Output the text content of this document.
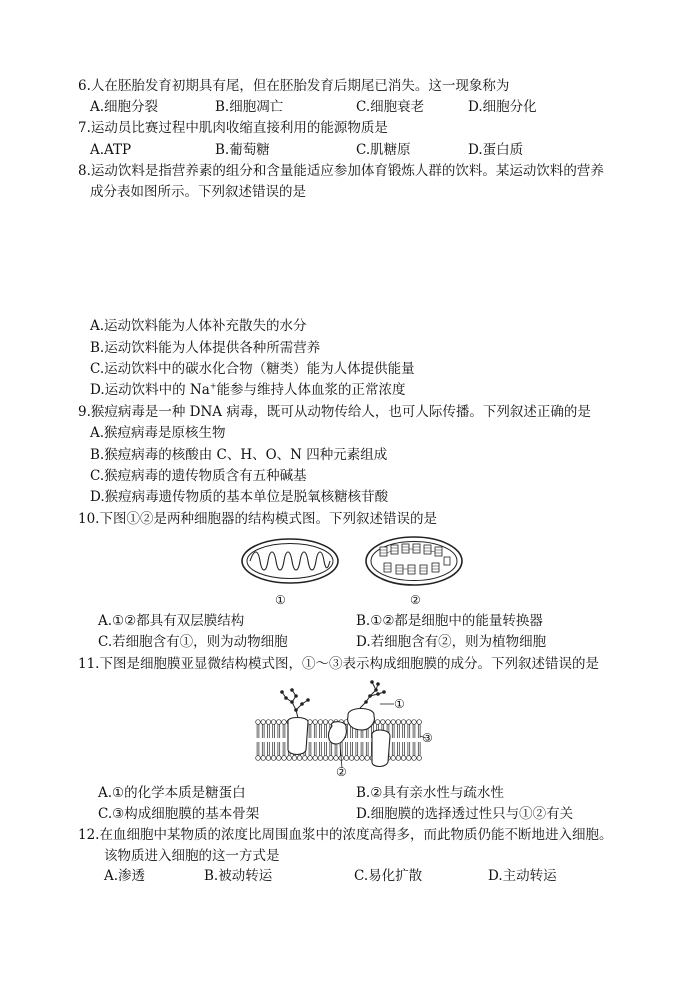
6.人在胚胎发育初期具有尾，但在胚胎发育后期尾已消失。这一现象称为
A.细胞分裂	B.细胞凋亡	C.细胞衰老	D.细胞分化
7.运动员比赛过程中肌肉收缩直接利用的能源物质是
A.ATP	B.葡萄糖	C.肌糖原	D.蛋白质
8.运动饮料是指营养素的组分和含量能适应参加体育锻炼人群的饮料。某运动饮料的营养
成分表如图所示。下列叙述错误的是
A.运动饮料能为人体补充散失的水分
B.运动饮料能为人体提供各种所需营养
C.运动饮料中的碳水化合物（糖类）能为人体提供能量
D.运动饮料中的 Na+能参与维持人体血浆的正常浓度
9.猴痘病毒是一种 DNA 病毒，既可从动物传给人，也可人际传播。下列叙述正确的是
A.猴痘病毒是原核生物
B.猴痘病毒的核酸由 C、H、O、N 四种元素组成
C.猴痘病毒的遗传物质含有五种碱基
D.猴痘病毒遗传物质的基本单位是脱氧核糖核苷酸
10.下图①②是两种细胞器的结构模式图。下列叙述错误的是
①	②
A.①②都具有双层膜结构	B.①②都是细胞中的能量转换器
C.若细胞含有①，则为动物细胞	D.若细胞含有②，则为植物细胞
11.下图是细胞膜亚显微结构模式图，①～③表示构成细胞膜的成分。下列叙述错误的是
①
②
③
A.①的化学本质是糖蛋白	B.②具有亲水性与疏水性
C.③构成细胞膜的基本骨架	D.细胞膜的选择透过性只与①②有关
12.在血细胞中某物质的浓度比周围血浆中的浓度高得多，而此物质仍能不断地进入细胞。
该物质进入细胞的这一方式是
A.渗透	B.被动转运	C.易化扩散	D.主动转运
